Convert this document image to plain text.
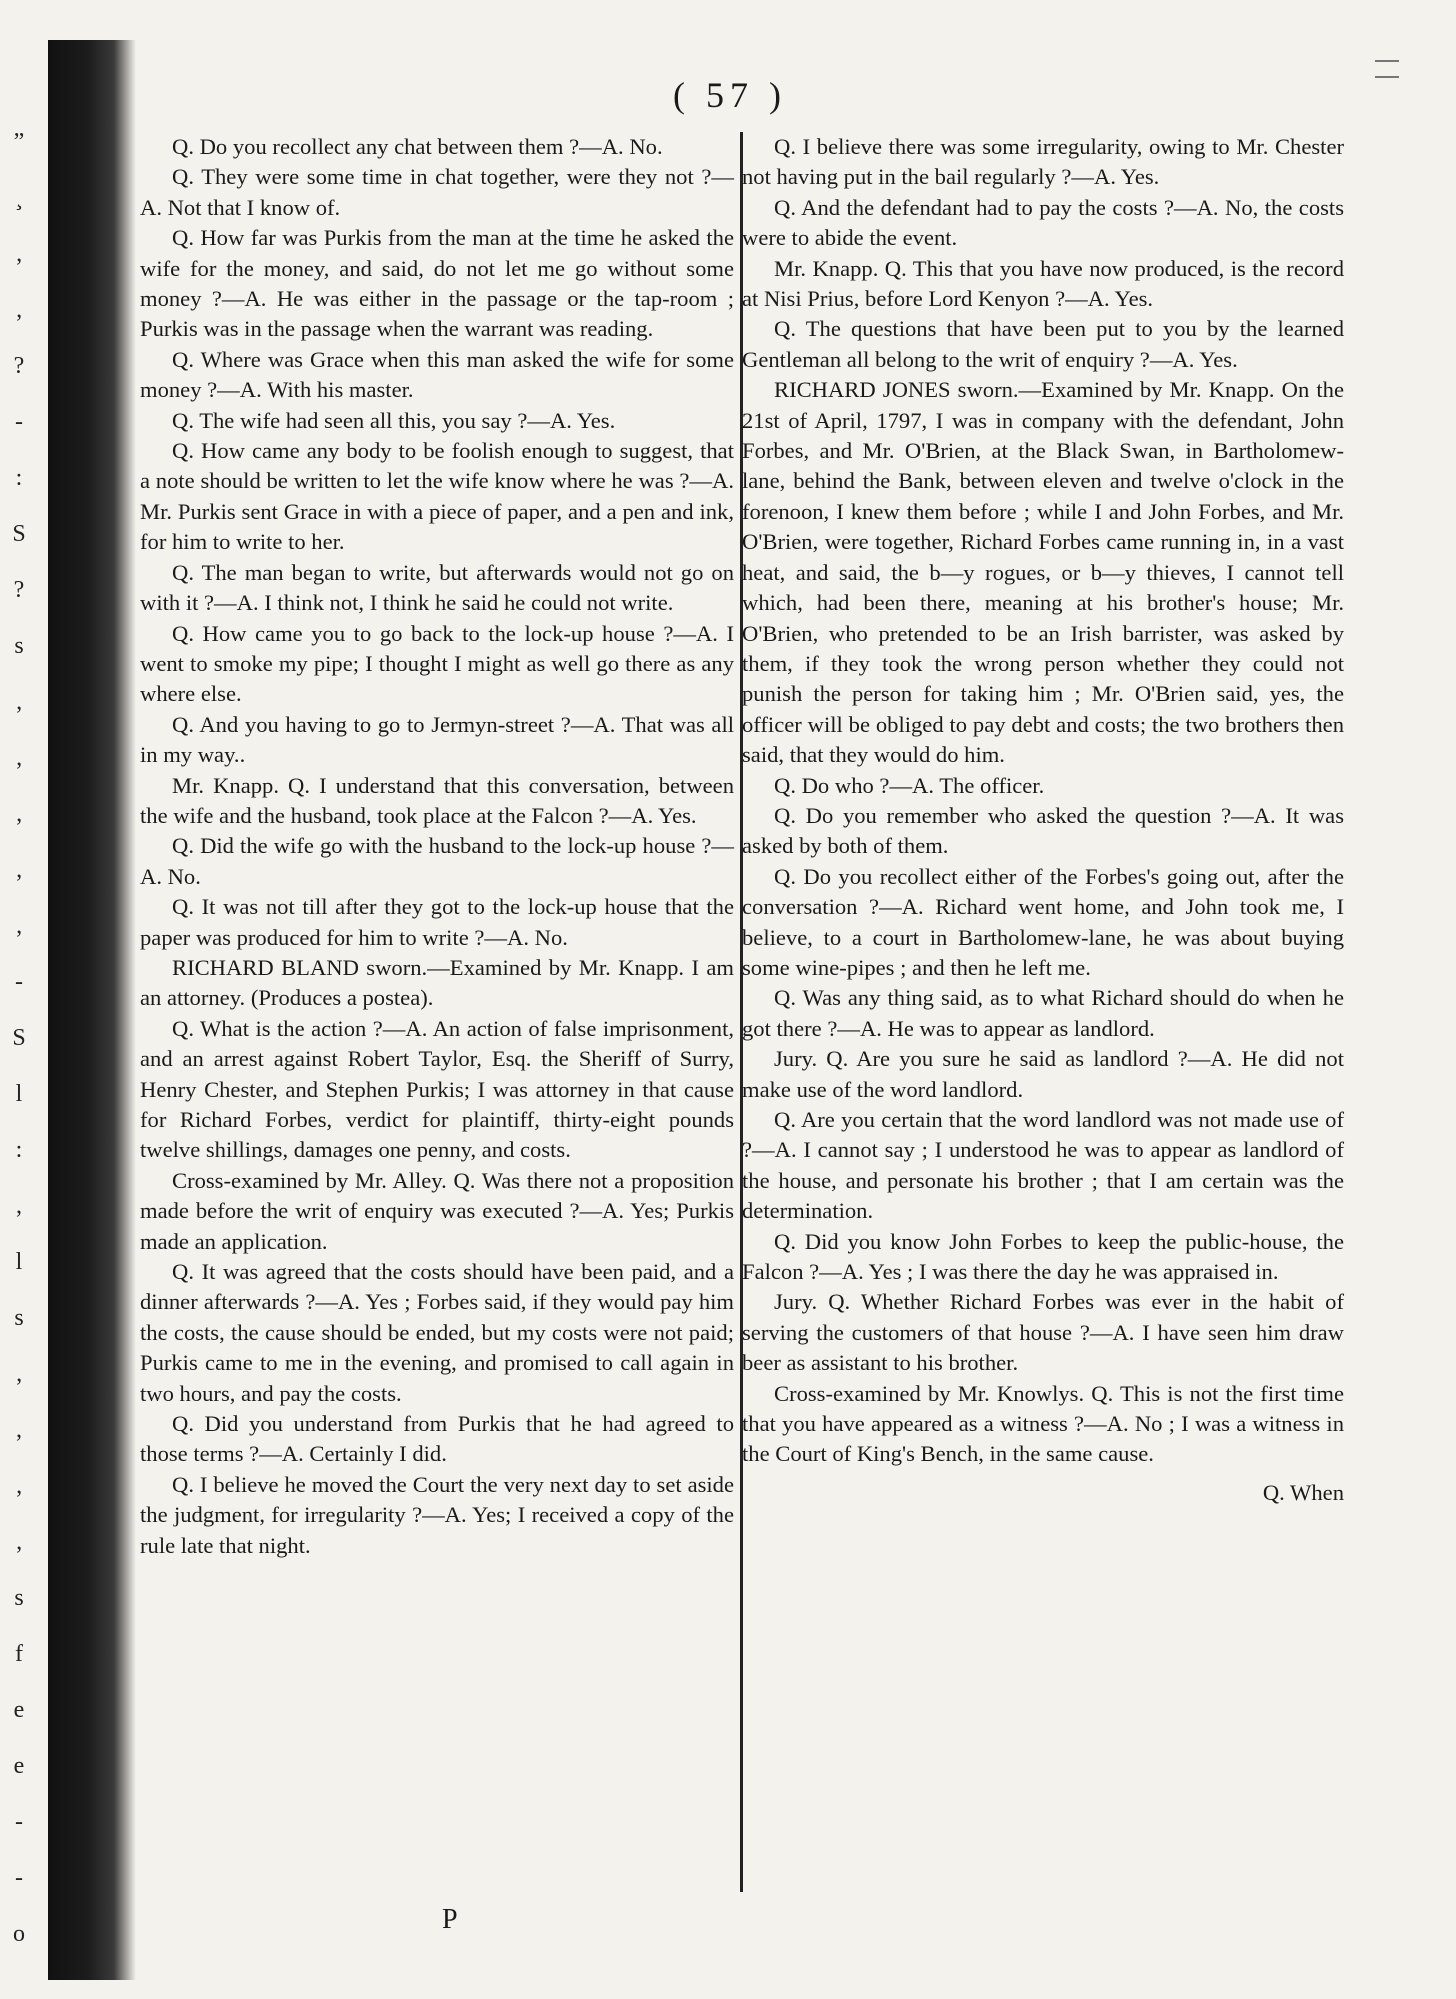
”
¸
‚
‚
?
-
:
S
?
s
‚
‚
‚
‚
‚
-
S
l
:
,
l
s
‚
,
‚
‚
s
f
e
e
-
-
o
( 57 )

Q. Do you recollect any chat between them ?—A. No.

Q. They were some time in chat together, were they not ?—A. Not that I know of.

Q. How far was Purkis from the man at the time he asked the wife for the money, and said, do not let me go without some money ?—A. He was either in the passage or the tap-room ; Purkis was in the passage when the warrant was reading.

Q. Where was Grace when this man asked the wife for some money ?—A. With his master.

Q. The wife had seen all this, you say ?—A. Yes.

Q. How came any body to be foolish enough to suggest, that a note should be written to let the wife know where he was ?—A. Mr. Purkis sent Grace in with a piece of paper, and a pen and ink, for him to write to her.

Q. The man began to write, but afterwards would not go on with it ?—A. I think not, I think he said he could not write.

Q. How came you to go back to the lock-up house ?—A. I went to smoke my pipe; I thought I might as well go there as any where else.

Q. And you having to go to Jermyn-street ?—A. That was all in my way..

Mr. Knapp. Q. I understand that this conversation, between the wife and the husband, took place at the Falcon ?—A. Yes.

Q. Did the wife go with the husband to the lock-up house ?—A. No.

Q. It was not till after they got to the lock-up house that the paper was produced for him to write ?—A. No.

RICHARD BLAND sworn.—Examined by Mr. Knapp. I am an attorney. (Produces a postea).

Q. What is the action ?—A. An action of false imprisonment, and an arrest against Robert Taylor, Esq. the Sheriff of Surry, Henry Chester, and Stephen Purkis; I was attorney in that cause for Richard Forbes, verdict for plaintiff, thirty-eight pounds twelve shillings, damages one penny, and costs.

Cross-examined by Mr. Alley. Q. Was there not a proposition made before the writ of enquiry was executed ?—A. Yes; Purkis made an application.

Q. It was agreed that the costs should have been paid, and a dinner afterwards ?—A. Yes ; Forbes said, if they would pay him the costs, the cause should be ended, but my costs were not paid; Purkis came to me in the evening, and promised to call again in two hours, and pay the costs.

Q. Did you understand from Purkis that he had agreed to those terms ?—A. Certainly I did.

Q. I believe he moved the Court the very next day to set aside the judgment, for irregularity ?—A. Yes; I received a copy of the rule late that night.

Q. I believe there was some irregularity, owing to Mr. Chester not having put in the bail regularly ?—A. Yes.

Q. And the defendant had to pay the costs ?—A. No, the costs were to abide the event.

Mr. Knapp. Q. This that you have now produced, is the record at Nisi Prius, before Lord Kenyon ?—A. Yes.

Q. The questions that have been put to you by the learned Gentleman all belong to the writ of enquiry ?—A. Yes.

RICHARD JONES sworn.—Examined by Mr. Knapp. On the 21st of April, 1797, I was in company with the defendant, John Forbes, and Mr. O'Brien, at the Black Swan, in Bartholomew-lane, behind the Bank, between eleven and twelve o'clock in the forenoon, I knew them before ; while I and John Forbes, and Mr. O'Brien, were together, Richard Forbes came running in, in a vast heat, and said, the b—y rogues, or b—y thieves, I cannot tell which, had been there, meaning at his brother's house; Mr. O'Brien, who pretended to be an Irish barrister, was asked by them, if they took the wrong person whether they could not punish the person for taking him ; Mr. O'Brien said, yes, the officer will be obliged to pay debt and costs; the two brothers then said, that they would do him.

Q. Do who ?—A. The officer.

Q. Do you remember who asked the question ?—A. It was asked by both of them.

Q. Do you recollect either of the Forbes's going out, after the conversation ?—A. Richard went home, and John took me, I believe, to a court in Bartholomew-lane, he was about buying some wine-pipes ; and then he left me.

Q. Was any thing said, as to what Richard should do when he got there ?—A. He was to appear as landlord.

Jury. Q. Are you sure he said as landlord ?—A. He did not make use of the word landlord.

Q. Are you certain that the word landlord was not made use of ?—A. I cannot say ; I understood he was to appear as landlord of the house, and personate his brother ; that I am certain was the determination.

Q. Did you know John Forbes to keep the public-house, the Falcon ?—A. Yes ; I was there the day he was appraised in.

Jury. Q. Whether Richard Forbes was ever in the habit of serving the customers of that house ?—A. I have seen him draw beer as assistant to his brother.

Cross-examined by Mr. Knowlys. Q. This is not the first time that you have appeared as a witness ?—A. No ; I was a witness in the Court of King's Bench, in the same cause.

Q. When

P
